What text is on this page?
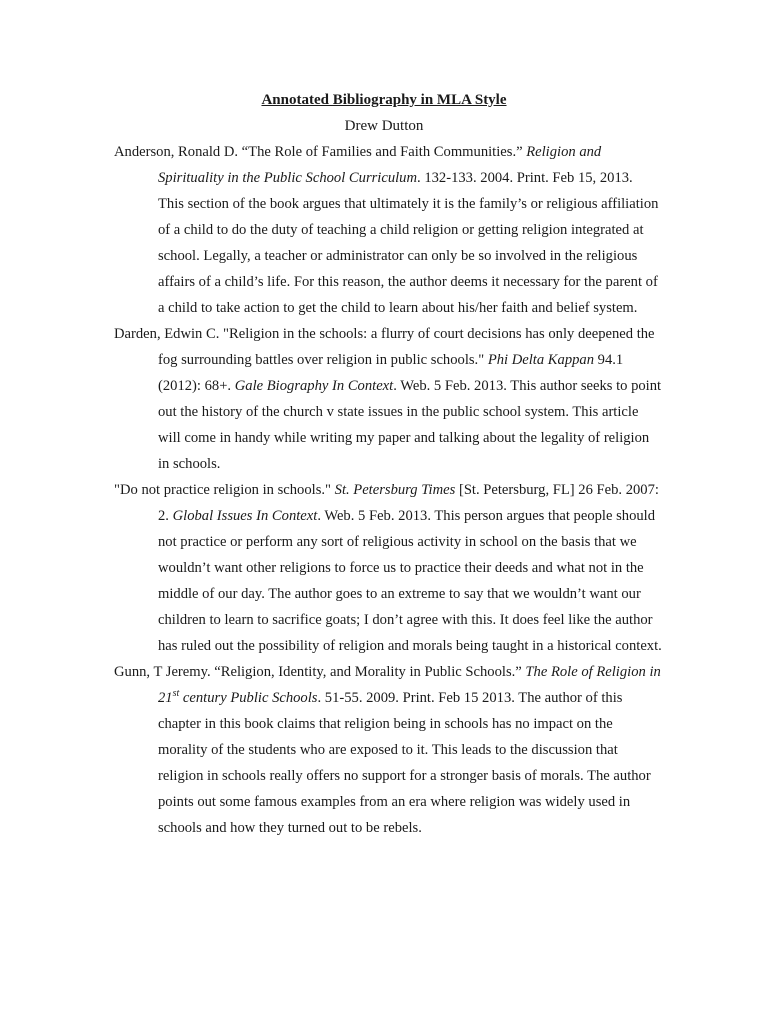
Annotated Bibliography in MLA Style
Drew Dutton

Anderson, Ronald D. “The Role of Families and Faith Communities.” Religion and Spirituality in the Public School Curriculum. 132-133. 2004. Print. Feb 15, 2013. This section of the book argues that ultimately it is the family’s or religious affiliation of a child to do the duty of teaching a child religion or getting religion integrated at school. Legally, a teacher or administrator can only be so involved in the religious affairs of a child’s life. For this reason, the author deems it necessary for the parent of a child to take action to get the child to learn about his/her faith and belief system.

Darden, Edwin C. "Religion in the schools: a flurry of court decisions has only deepened the fog surrounding battles over religion in public schools." Phi Delta Kappan 94.1 (2012): 68+. Gale Biography In Context. Web. 5 Feb. 2013. This author seeks to point out the history of the church v state issues in the public school system. This article will come in handy while writing my paper and talking about the legality of religion in schools.

"Do not practice religion in schools." St. Petersburg Times [St. Petersburg, FL] 26 Feb. 2007: 2. Global Issues In Context. Web. 5 Feb. 2013. This person argues that people should not practice or perform any sort of religious activity in school on the basis that we wouldn’t want other religions to force us to practice their deeds and what not in the middle of our day. The author goes to an extreme to say that we wouldn’t want our children to learn to sacrifice goats; I don’t agree with this. It does feel like the author has ruled out the possibility of religion and morals being taught in a historical context.

Gunn, T Jeremy. “Religion, Identity, and Morality in Public Schools.” The Role of Religion in 21st century Public Schools. 51-55. 2009. Print. Feb 15 2013. The author of this chapter in this book claims that religion being in schools has no impact on the morality of the students who are exposed to it. This leads to the discussion that religion in schools really offers no support for a stronger basis of morals. The author points out some famous examples from an era where religion was widely used in schools and how they turned out to be rebels.
